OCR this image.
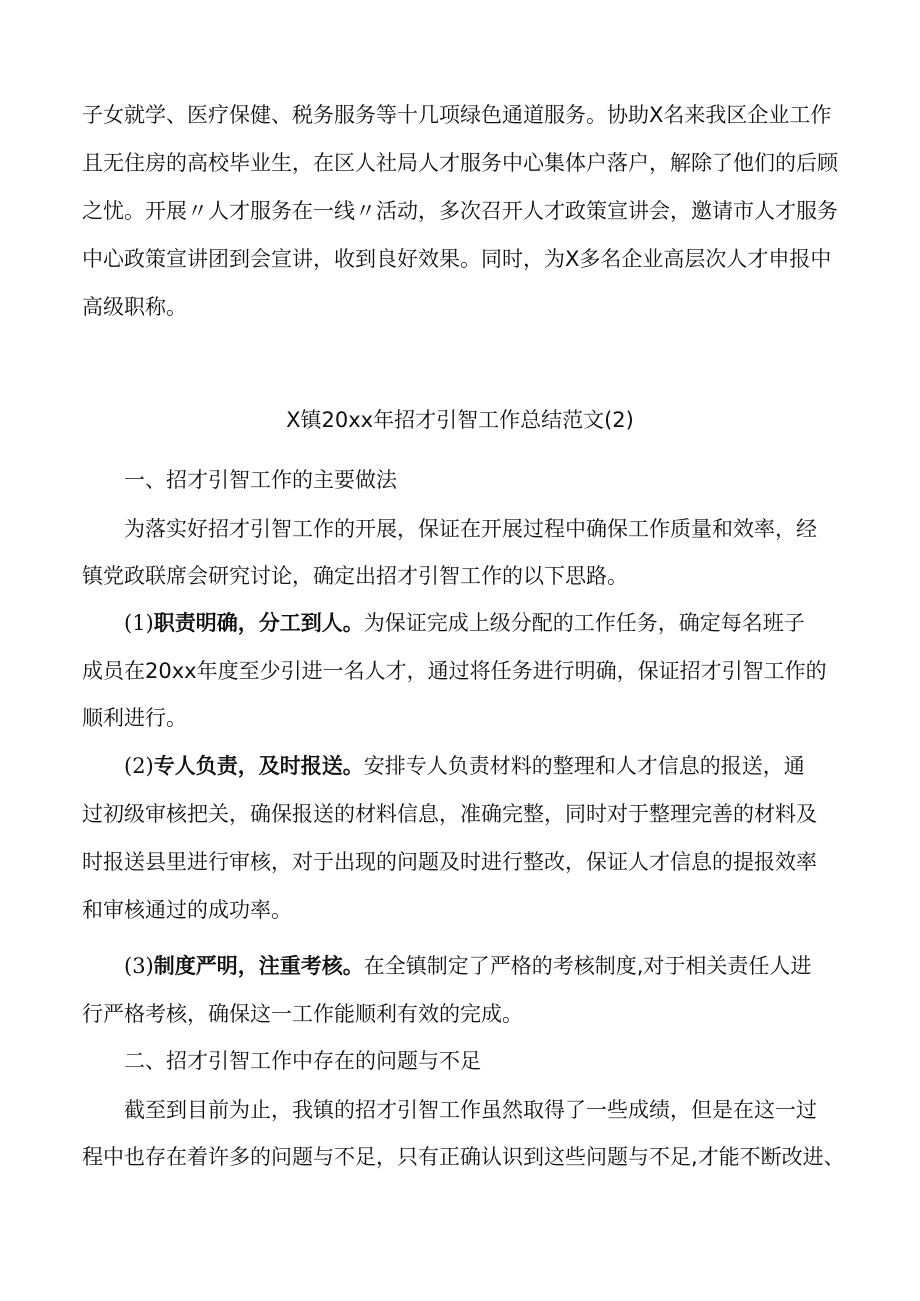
子女就学、医疗保健、税务服务等十几项绿色通道服务。协助X名来我区企业工作
且无住房的高校毕业生，在区人社局人才服务中心集体户落户，解除了他们的后顾
之忧。开展〃人才服务在一线〃活动，多次召开人才政策宣讲会，邀请市人才服务
中心政策宣讲团到会宣讲，收到良好效果。同时，为X多名企业高层次人才申报中
高级职称。
X镇20xx年招才引智工作总结范文(2)
一、招才引智工作的主要做法
为落实好招才引智工作的开展，保证在开展过程中确保工作质量和效率，经
镇党政联席会研究讨论，确定出招才引智工作的以下思路。
(1)职责明确，分工到人。为保证完成上级分配的工作任务，确定每名班子
成员在20xx年度至少引进一名人才，通过将任务进行明确，保证招才引智工作的
顺利进行。
(2)专人负责，及时报送。安排专人负责材料的整理和人才信息的报送，通
过初级审核把关，确保报送的材料信息，准确完整，同时对于整理完善的材料及
时报送县里进行审核，对于出现的问题及时进行整改，保证人才信息的提报效率
和审核通过的成功率。
(3)制度严明，注重考核。在全镇制定了严格的考核制度,对于相关责任人进
行严格考核，确保这一工作能顺利有效的完成。
二、招才引智工作中存在的问题与不足
截至到目前为止，我镇的招才引智工作虽然取得了一些成绩，但是在这一过
程中也存在着许多的问题与不足，只有正确认识到这些问题与不足,才能不断改进、
